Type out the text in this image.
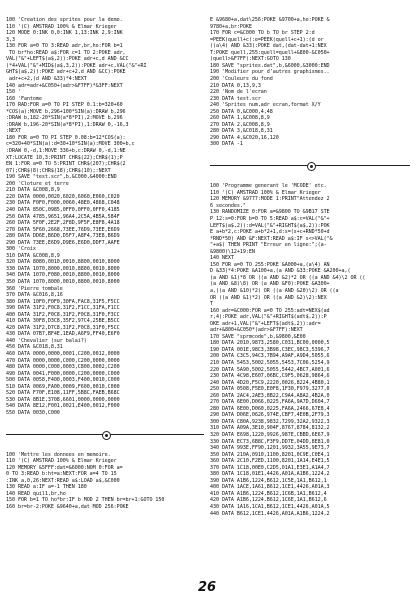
100 'Creation des sprites pour la demo.
110 '(C) AMSTRAD 100% & Elmar Krieger
120 MODE 0:INK 0,0:INK 1,13:INK 2,9:INK
3,3
130 FOR a=0 TO 3:READ adr,br,ho:FOR b=1
TO br*ho:READ a$:FOR c=1 TO 2:POKE adr,
VAL("&"+LEFT$(a$,2)):POKE adr+c,d AND &CC
)*4+VAL("&"+MID$(a$,3,2)):POKE adr+c,VAL("&"+RI
GHT$(a$,2)):POKE adr+c+2,d AND &CC):POKE
adr+c+2,(d AND &33)*4:NEXT
140 adr=adr+&C050+(adr>&F7FF)*&3FF:NEXT
150 '
160 'Fantome
170 RAD:FOR a=0 TO PI STEP 0.1:b=320+60
*COS(a):MOVE b,296+100*SIN(a):DRAW b,296
:DRAW b,182-20*SIN(a*8*PI),2:MOVE b,296
:DRAW b,196-20*SIN(a*8*PI),1:DRAW 0,-16,3
:NEXT
180 FOR a=0 TO PI STEP 0.08:b=12*COS(a):
c=320+40*SIN(a):d=30+10*SIN(a):MOVE 300+b,c
:DRAW 0,-d,1:MOVE 336+b,c:DRAW 0,-d,1:NE
XT:LOCATE 10,3:PRINT CHR$(22);CHR$(1);P
EN 1:FOR a=0 TO 5:PRINT CHR$(207);CHR$(2
07);CHR$(8);CHR$(18);CHR$(10);:NEXT
190 SAVE "test.scr",b,&C000,&4000:END
200 'Cloture et terre
210 DATA &C008,8,9
220 DATA 0000,0020,6020,6060,E060,C020
230 DATA F0F0,F000,0060,48E0,4868,C048
240 DATA 850C,0985,0FF0,0FF0,0FF0,4185
250 DATA 4785,9651,96A4,2C5A,4B5A,584F
260 DATA 5F0F,2E2F,2F8D,9F5F,E8F8,4A18
270 DATA 5F60,2668,73EE,76D9,73EE,E6D9
280 DATA DD6E,B6D0,D5F7,A8F4,73E8,B6D9
290 DATA 73EE,E6D9,D9E6,E6D0,DDF7,AAFE
300 'Croix
310 DATA &C008,8,9
320 DATA 8080,0010,0010,8800,0010,8000
330 DATA 1070,8000,0010,8800,0010,8000
340 DATA 1070,F080,0010,8800,0010,8000
350 DATA 1070,8000,0010,8800,0010,8000
360 'Pierre tombale
370 DATA &C016,8,16
380 DATA 10F0,F0F0,30FA,FAC8,31F5,F5CC
390 DATA 31F2,F0C8,31F2,F1CC,31FA,F1CC
400 DATA 31F2,F0C8,31F2,F0C8,31F0,F3CC
410 DATA 30F8,D3C8,35F2,97C4,25BE,B5CC
420 DATA 31F2,D7C8,31F2,F0C8,31F0,F5CC
430 DATA 07B7,BF4E,1EAD,A6F9,FF40,E6F0
440 'Chevalier (sur balai?)
450 DATA &C018,8,31
460 DATA 0000,0000,0001,C200,0012,0000
470 DATA 0000,0000,C000,C200,0000,0000
480 DATA 0000,C000,0003,C800,0002,C200
490 DATA 0041,F000,0000,C200,0000,C000
500 DATA 0058,F400,0003,F400,0010,C000
510 DATA 0069,FA00,0009,F600,0010,C000
520 DATA F70F,E108,11FF,5B8C,FAEB,B68C
530 DATA 8B1E,3708,6601,0000,0000,0000
540 DATA 8E12,F001,0021,E400,0012,F000
550 DATA 0030,C000

100 'Mettre les donnees en memoire.
110 '(C) AMSTRAD 100% & Elmar Krieger
120 MEMORY &5FFF:dat=&6000:NOM 0:FOR a=
0 TO 3:READ b:ht=a:NEXT:FOR a=4 TO 15
:INK a,0,26:NEXT:READ a$:LOAD a$,&C000
130 READ a:IF a=-1 THEN 180
140 READ quil1,br,ho
150 FOR b=1 TO ho*br:IF b MOD 2 THEN br=br+1:GOTO 150
160 br=br-2:POKE &9640+a,dat MOD 256:POKE

E &9680+a,dat\256:POKE &9700+a,ho:POKE &
9780+a,br:POKE
170 FOR c=&C000 TO b TO br STEP 2:d
=PEEK(quell+c):e=PEEK(quell+c+1):(d or
((a\4) AND &33):POKE dat,(dat-dat+1:NEX
T:POKE quell,255:quell=quell+&800-&C050+
(quell>&F7FF):NEXT:GOTO 130
180 SAVE "sprites.dat",b,&6000,&3000:END
190 'Modifier pour d'autres graphismes..
200 'Couleurs du fond
210 DATA 0,13,9,3
220 'Nom de l'ecran
230 DATA test.scr
240 'Sprites num,adr ecran,format X/Y
250 DATA 0,&C000,4,48
260 DATA 1,&C008,8,9
270 DATA 2,&C008,8,9
280 DATA 3,&C018,8,31
290 DATA 4,&C020,16,120
300 DATA -1

100 'Programme generant le 'MCODE' etc.
110 '(C) AMSTRAD 100% & Elmar Krieger
120 MEMORY &9777:MODE 1:PRINT"Attendez 2
6 secondes."
130 RANDOMIZE 0:FOR a=&9800 TO &9B17 STE
P 12:s=0:FOR b=0 TO 5:READ a$:c=VAL("&"+
LEFT$(a$,2)):d=VAL("&"+RIGHT$(a$,2)):POK
E a+b*2,c:POKE a+b*2+1,d:s=(s+c+RND*50+d
*RND*50) AND &F:NEXT:READ a$:IF s<>VAL("&
"+a$) THEN PRINT "Erreur en ligne:";(a-
&9800)\12+19:EN
140 NEXT
150 FOR a=0 TO 255:POKE &A000+a,(a\4) AN
D &33)*4:POKE &A100+a,(a AND &33:POKE &A200+a,(
(a AND &1)*8 OR ((a AND &2)*2 OR ((a AND &4)\2 OR ((
(a AND &8)\8) OR (a AND &F0):POKE &A300+
a,((a AND &10)*2) OR ((a AND &20)\2) OR ((a
OR ((a AND &1)*2) OR ((a AND &2)\2):NEX
T
160 adr=&C000:FOR a=0 TO 255:adt=NEX$(ad
r,4):POKE adr,VAL("&"+RIGHT$(adt$,2)):P
OKE adr+1,VAL("&"+LEFT$(adt$,2)):adr=
adr+&800+&C050*(adr>&F7FF):NEXT
170 SAVE "sprmcode",b,&9800,&E00
180 DATA 2010,9873,2580,C031,BC00,0000,5
190 DATA 001E,98C3,3B98,C3EC,98C3,5396,7
200 DATA C3C5,94C3,7B94,A9AF,A9D4,5055,6
210 DATA 5453,5002,5055,5453,7C06,5254,9
220 DATA 5A90,5002,5055,5442,4BC7,A001,6
230 DATA 4C98,E607,06BC,C9F5,0628,9864,6
240 DATA 4D20,F5C9,2220,0026,8224,4B80,1
250 DATA 0508,F5E0,E0F8,1F30,F979,3277,0
260 DATA 2AC4,2AE3,8B22,C9A4,A8A2,4B2A,0
270 DATA 6E00,D066,0225,FA6A,9A7D,D604,7
280 DATA 6E00,D060,0225,FA6A,2466,67E8,4
290 DATA D06E,0626,974E,CBF7,4E0B,2F79,3
300 DATA C80A,9238,9832,7299,32A2,9322,3
310 DATA A09A,3E10,904F,8767,8784,8132,2
320 DATA E698,1220,9926,987E,CBBD,6E67,9
330 DATA EC73,6B8C,F3F9,DD7E,04DD,8E81,0
340 DATA 993E,FF90,1201,9932,3A55,9E73,7
350 DATA 210A,0910,1100,8201,0C9E,C0E4,1
360 DATA 2C10,F2ED,1100,8201,1A14,E4E1,5
370 DATA 1C18,00E0,C2D5,01A1,E3E1,A1A4,7
380 DATA 1C18,01E1,4426,A01A,A1B6,1224,2
390 DATA A1B6,1224,B612,1C5E,1A1,B612,1
400 DATA 1ACE,1A61,B612,1CE1,4426,A01A,3
410 DATA A1B6,1224,B612,1C6B,1A1,B612,4
420 DATA A1B6,1224,B612,1C6E,1A1,B612,6
430 DATA 1A16,1CA1,B612,1CE1,4426,A01A,5
440 DATA B612,1CE1,4426,A01A,A1B6,1224,2

26
